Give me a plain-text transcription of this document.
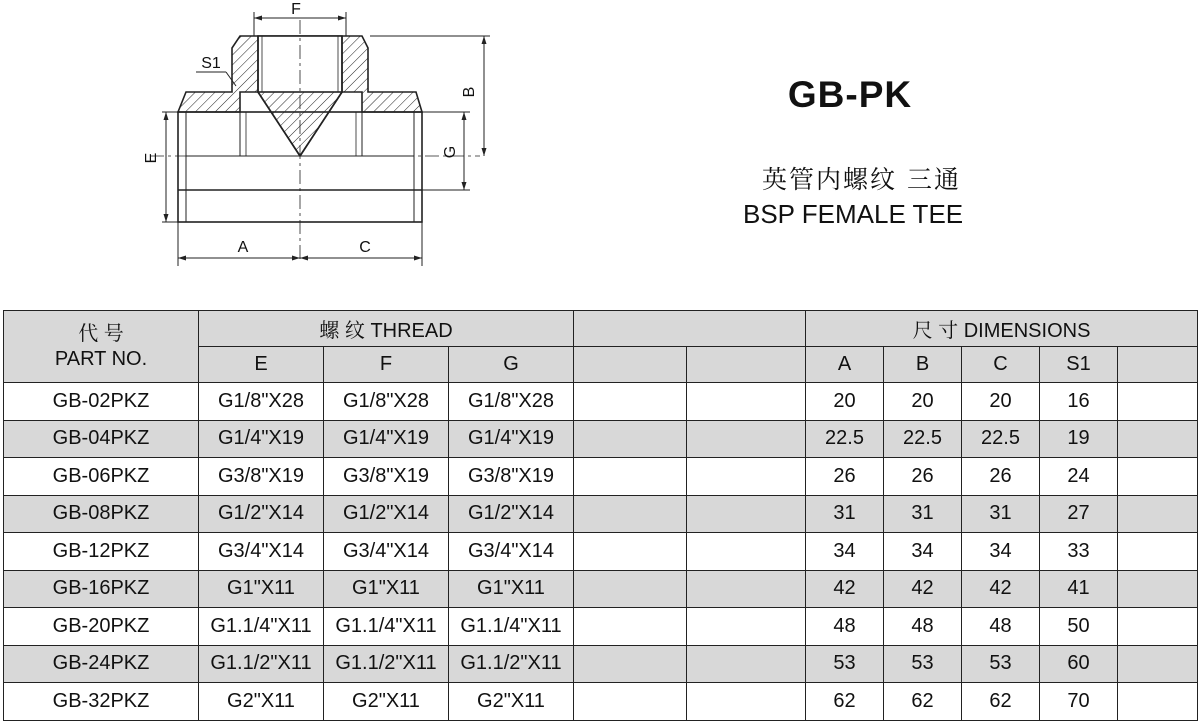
F
S1
B
E	G
A	C
GB-PK
英管内螺纹 三通
BSP FEMALE TEE
代 号
PART NO.	螺 纹 THREAD					尺 寸 DIMENSIONS				
	E	F	G			A	B	C	S1	
GB-02PKZ	G1/8"X28	G1/8"X28	G1/8"X28			20	20	20	16	
GB-04PKZ	G1/4"X19	G1/4"X19	G1/4"X19			22.5	22.5	22.5	19	
GB-06PKZ	G3/8"X19	G3/8"X19	G3/8"X19			26	26	26	24	
GB-08PKZ	G1/2"X14	G1/2"X14	G1/2"X14			31	31	31	27	
GB-12PKZ	G3/4"X14	G3/4"X14	G3/4"X14			34	34	34	33	
GB-16PKZ	G1"X11	G1"X11	G1"X11			42	42	42	41	
GB-20PKZ	G1.1/4"X11	G1.1/4"X11	G1.1/4"X11			48	48	48	50	
GB-24PKZ	G1.1/2"X11	G1.1/2"X11	G1.1/2"X11			53	53	53	60	
GB-32PKZ	G2"X11	G2"X11	G2"X11			62	62	62	70	
